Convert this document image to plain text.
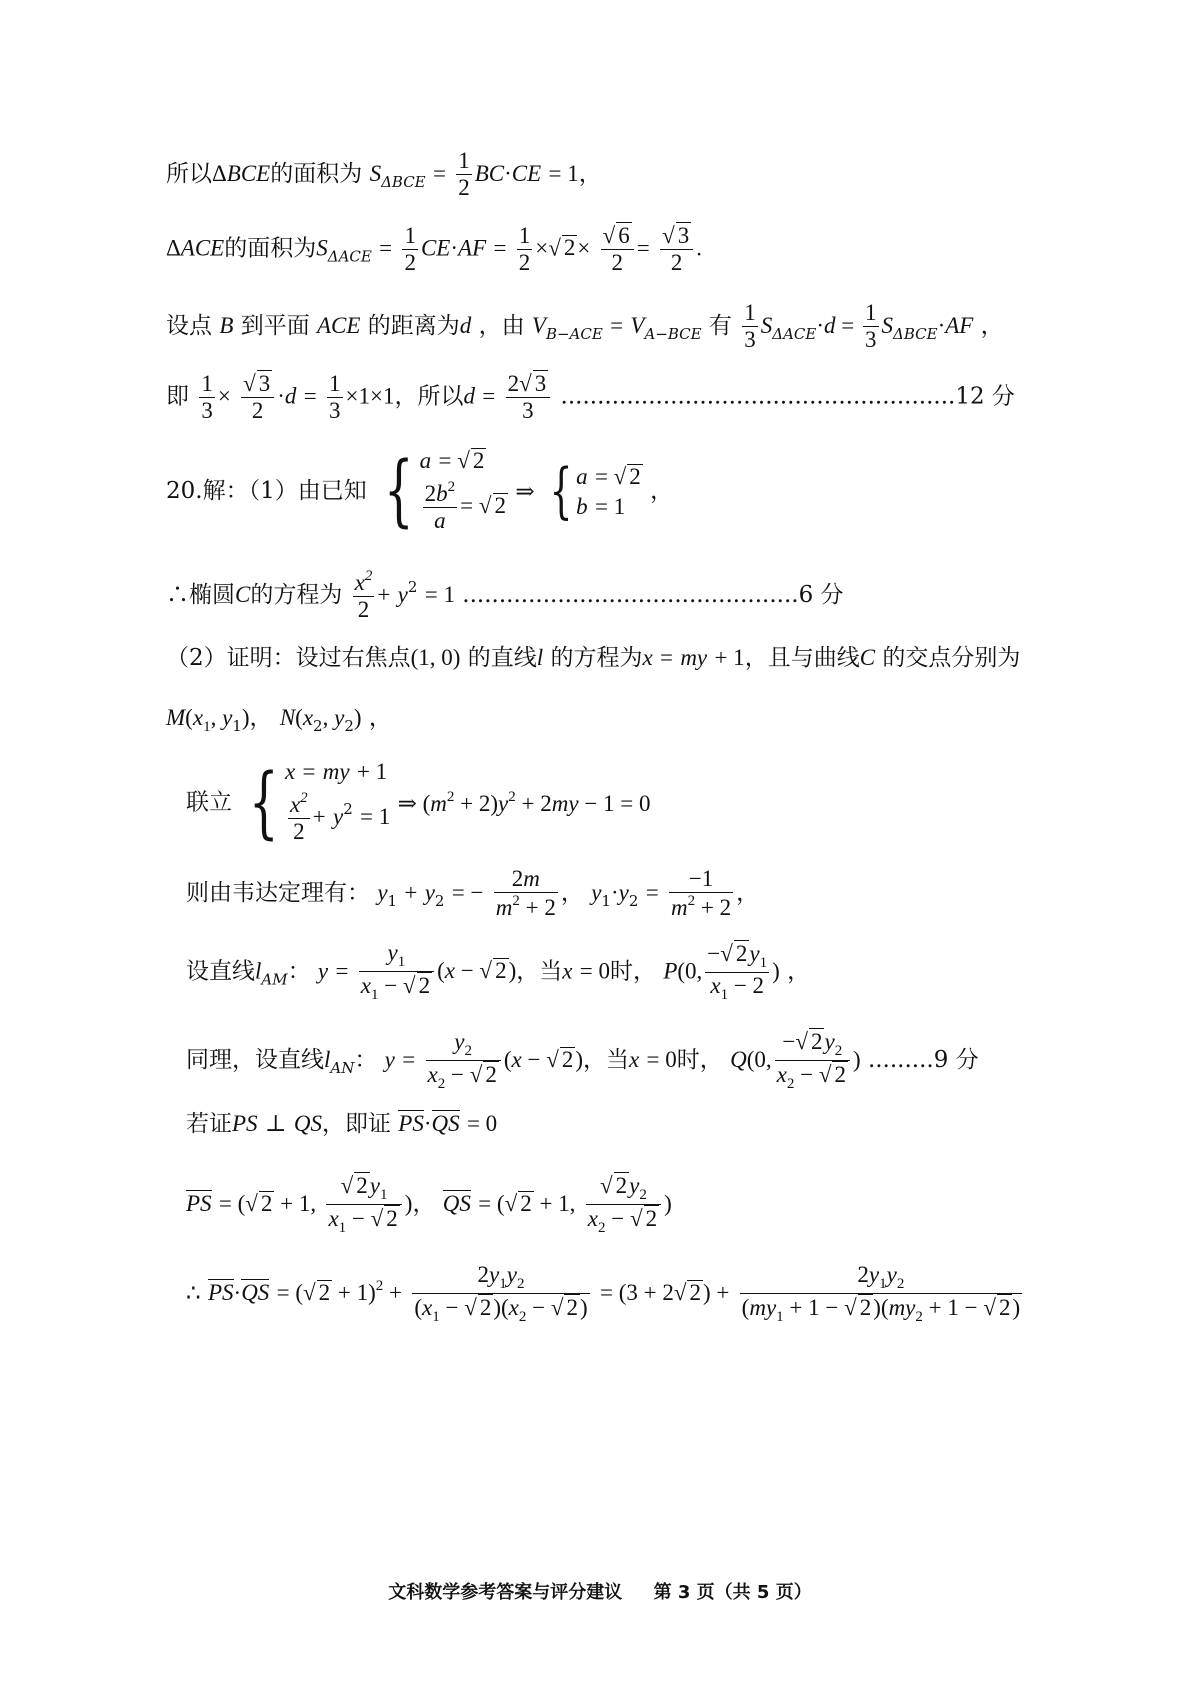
所以ΔBCE的面积为 $S_{\Delta BCE} = \frac{1}{2} BC\cdot CE = 1$，
ΔACE的面积为$S_{\Delta ACE} = \frac{1}{2} CE\cdot AF = \frac{1}{2}$ ×√ $2\times \frac{√ 6}{2} = \frac{√ 3}{2}$ .
设点 B 到平面 ACE 的距离为d ，由 $V_{B-ACE} = V_{A-BCE}$ 有 $\frac{1}{3} S_{\Delta ACE}\cdot d = \frac{1}{3} S_{\Delta BCE}\cdot AF$ ，
即 $\frac{1}{3} \times \frac{√ 3}{2} \cdot d = \frac{1}{3} \times 1\times 1$，所以$d = \frac{2√ 3}{3} ......................................................12$ 分
20.解：（1）由已知 { a = √ 2
$\frac{2b^2}{a}$ = √ 2
⇒ { a = √ 2
b = 1
，
∴椭圆C的方程为 $\frac{x^2}{2} + y^2 = 1$ ..............................................6 分
（2）证明：设过右焦点(1, 0) 的直线l 的方程为x = my + 1，且与曲线C 的交点分别为
$M(x_1$, $y_1$)， $N(x_2$, $y_2$) ，
联立 { x = my + 1
$\frac{x^2}{2} + y^2 = 1$ ⇒ $(m^2 + 2)y^2 + 2my - 1 = 0$
则由韦达定理有： $y_1 + y_2$ = − $\frac{2m}{m^2 + 2}$ ， $y_1\cdot y_2 = \frac{-1}{m^2 + 2}$ ，
设直线$l_{AM}$： $y = \frac{y_1}{x_1 - √ 2} (x$ − √ 2)，当x = 0时， P(0, $\frac{-√ 2y_1}{x_1 - 2}$ ) ，
同理，设直线$l_{AN}$： $y = \frac{y_2}{x_2 - √ 2} (x$ − √ 2)，当x = 0时， Q(0, $\frac{-√ 2y_2}{x_2 - √ 2}$ ) .........9 分
若证PS ⊥ QS，即证 PS·QS = 0
PS = (√ 2 + 1, $\frac{√ 2y_1}{x_1 - √ 2}$ )， QS = (√ 2 + 1, $\frac{√ 2y_2}{x_2 - √ 2}$ )
∴ PS·QS = (√ $2 + 1)^2 + \frac{2y_1y_2}{(x_1 - √ 2)(x_2 - √ 2)} = (3 + 2√$ $2) + \frac{2y_1y_2}{(my_1 + 1 - √ 2)(my_2 + 1 - √ 2)}$
文科数学参考答案与评分建议 第 3 页（共 5 页）
